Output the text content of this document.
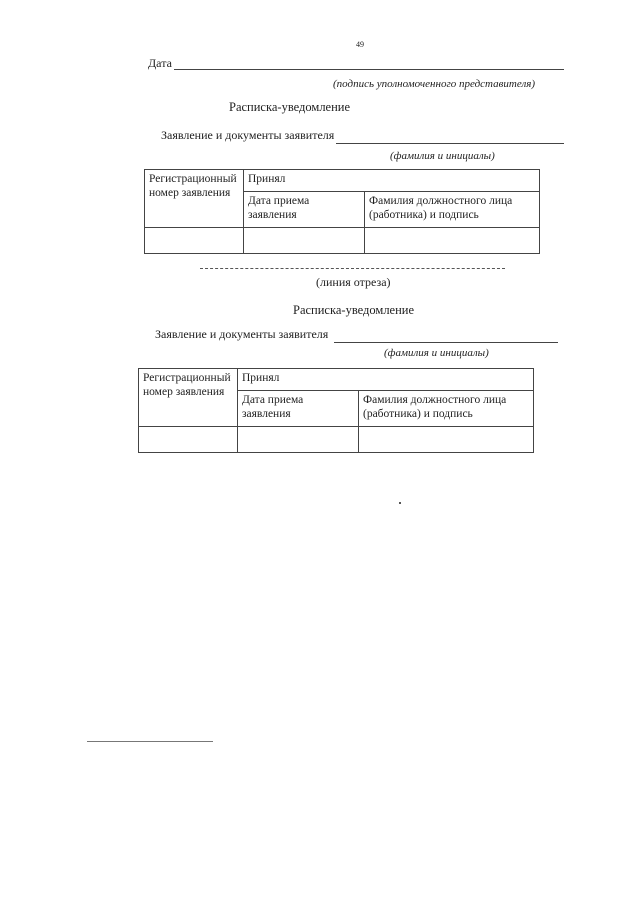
49
Дата
(подпись уполномоченного представителя)
Расписка-уведомление
Заявление и документы заявителя
(фамилия и инициалы)
Регистрационный номер заявления	Принял	
	Дата приема заявления	Фамилия должностного лица (работника) и подпись

(линия отреза)
Расписка-уведомление
Заявление и документы заявителя
(фамилия и инициалы)
Регистрационный номер заявления	Принял	
	Дата приема заявления	Фамилия должностного лица (работника) и подпись
